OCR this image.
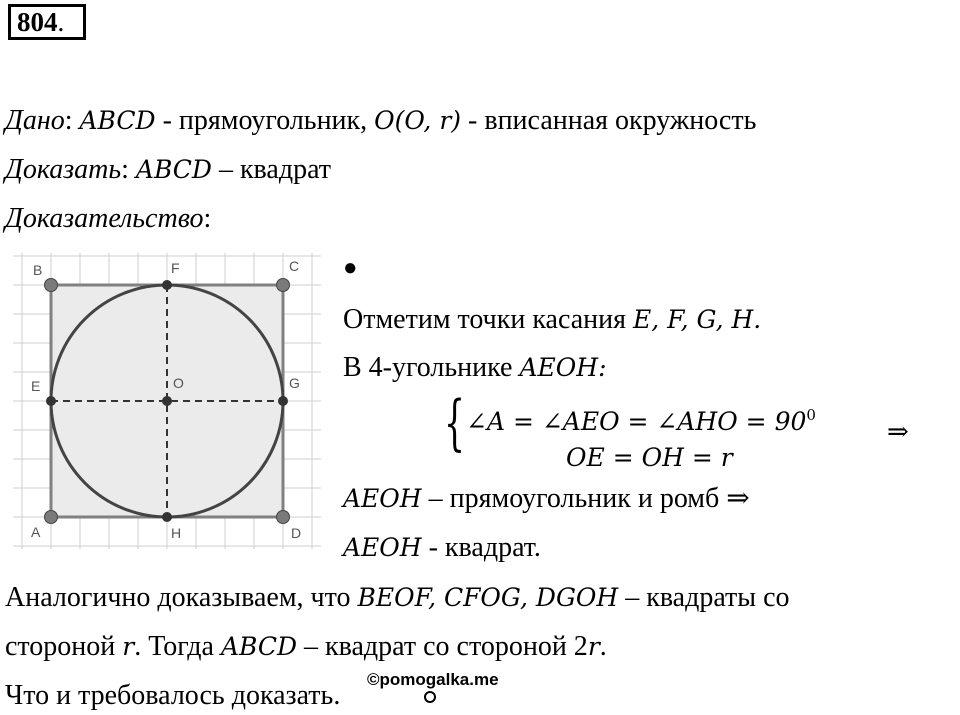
804.
Дано: ABCD - прямоугольник, O(O, r) - вписанная окружность
Доказать: ABCD – квадрат
Доказательство:
B	F	C
E	O	G
A	H	D
●
Отметим точки касания E, F, G, H.
В 4-угольнике AEOH:
{ ∠A = ∠AEO = ∠AHO = $90^0$
OE = OH = r
⇒
AEOH – прямоугольник и ромб ⇒
AEOH - квадрат.
Аналогично доказываем, что BEOF, CFOG, DGOH – квадраты со
стороной r. Тогда ABCD – квадрат со стороной 2r.
©pomogalka.me
Что и требовалось доказать.
